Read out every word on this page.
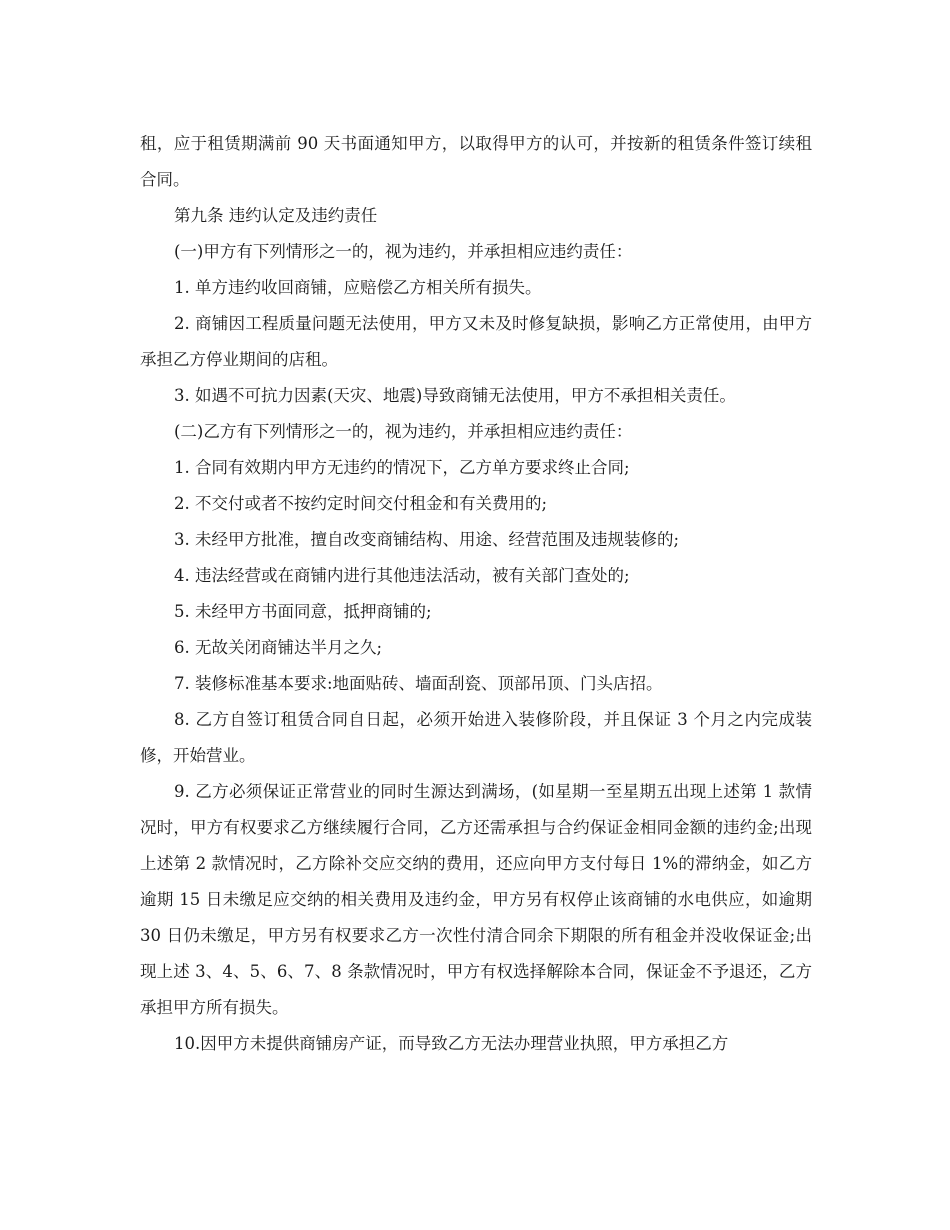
租，应于租赁期满前 90 天书面通知甲方，以取得甲方的认可，并按新的租赁条件签订续租合同。

第九条 违约认定及违约责任

(一)甲方有下列情形之一的，视为违约，并承担相应违约责任：

1. 单方违约收回商铺，应赔偿乙方相关所有损失。

2. 商铺因工程质量问题无法使用，甲方又未及时修复缺损，影响乙方正常使用，由甲方承担乙方停业期间的店租。

3. 如遇不可抗力因素(天灾、地震)导致商铺无法使用，甲方不承担相关责任。

(二)乙方有下列情形之一的，视为违约，并承担相应违约责任：

1. 合同有效期内甲方无违约的情况下，乙方单方要求终止合同;

2. 不交付或者不按约定时间交付租金和有关费用的;

3. 未经甲方批准，擅自改变商铺结构、用途、经营范围及违规装修的;

4. 违法经营或在商铺内进行其他违法活动，被有关部门查处的;

5. 未经甲方书面同意，抵押商铺的;

6. 无故关闭商铺达半月之久;

7. 装修标准基本要求:地面贴砖、墙面刮瓷、顶部吊顶、门头店招。

8. 乙方自签订租赁合同自日起，必须开始进入装修阶段，并且保证 3 个月之内完成装修，开始营业。

9. 乙方必须保证正常营业的同时生源达到满场，(如星期一至星期五出现上述第 1 款情况时，甲方有权要求乙方继续履行合同，乙方还需承担与合约保证金相同金额的违约金;出现上述第 2 款情况时，乙方除补交应交纳的费用，还应向甲方支付每日 1%的滞纳金，如乙方逾期 15 日未缴足应交纳的相关费用及违约金，甲方另有权停止该商铺的水电供应，如逾期 30 日仍未缴足，甲方另有权要求乙方一次性付清合同余下期限的所有租金并没收保证金;出现上述 3、4、5、6、7、8 条款情况时，甲方有权选择解除本合同，保证金不予退还，乙方承担甲方所有损失。

10.因甲方未提供商铺房产证，而导致乙方无法办理营业执照，甲方承担乙方
